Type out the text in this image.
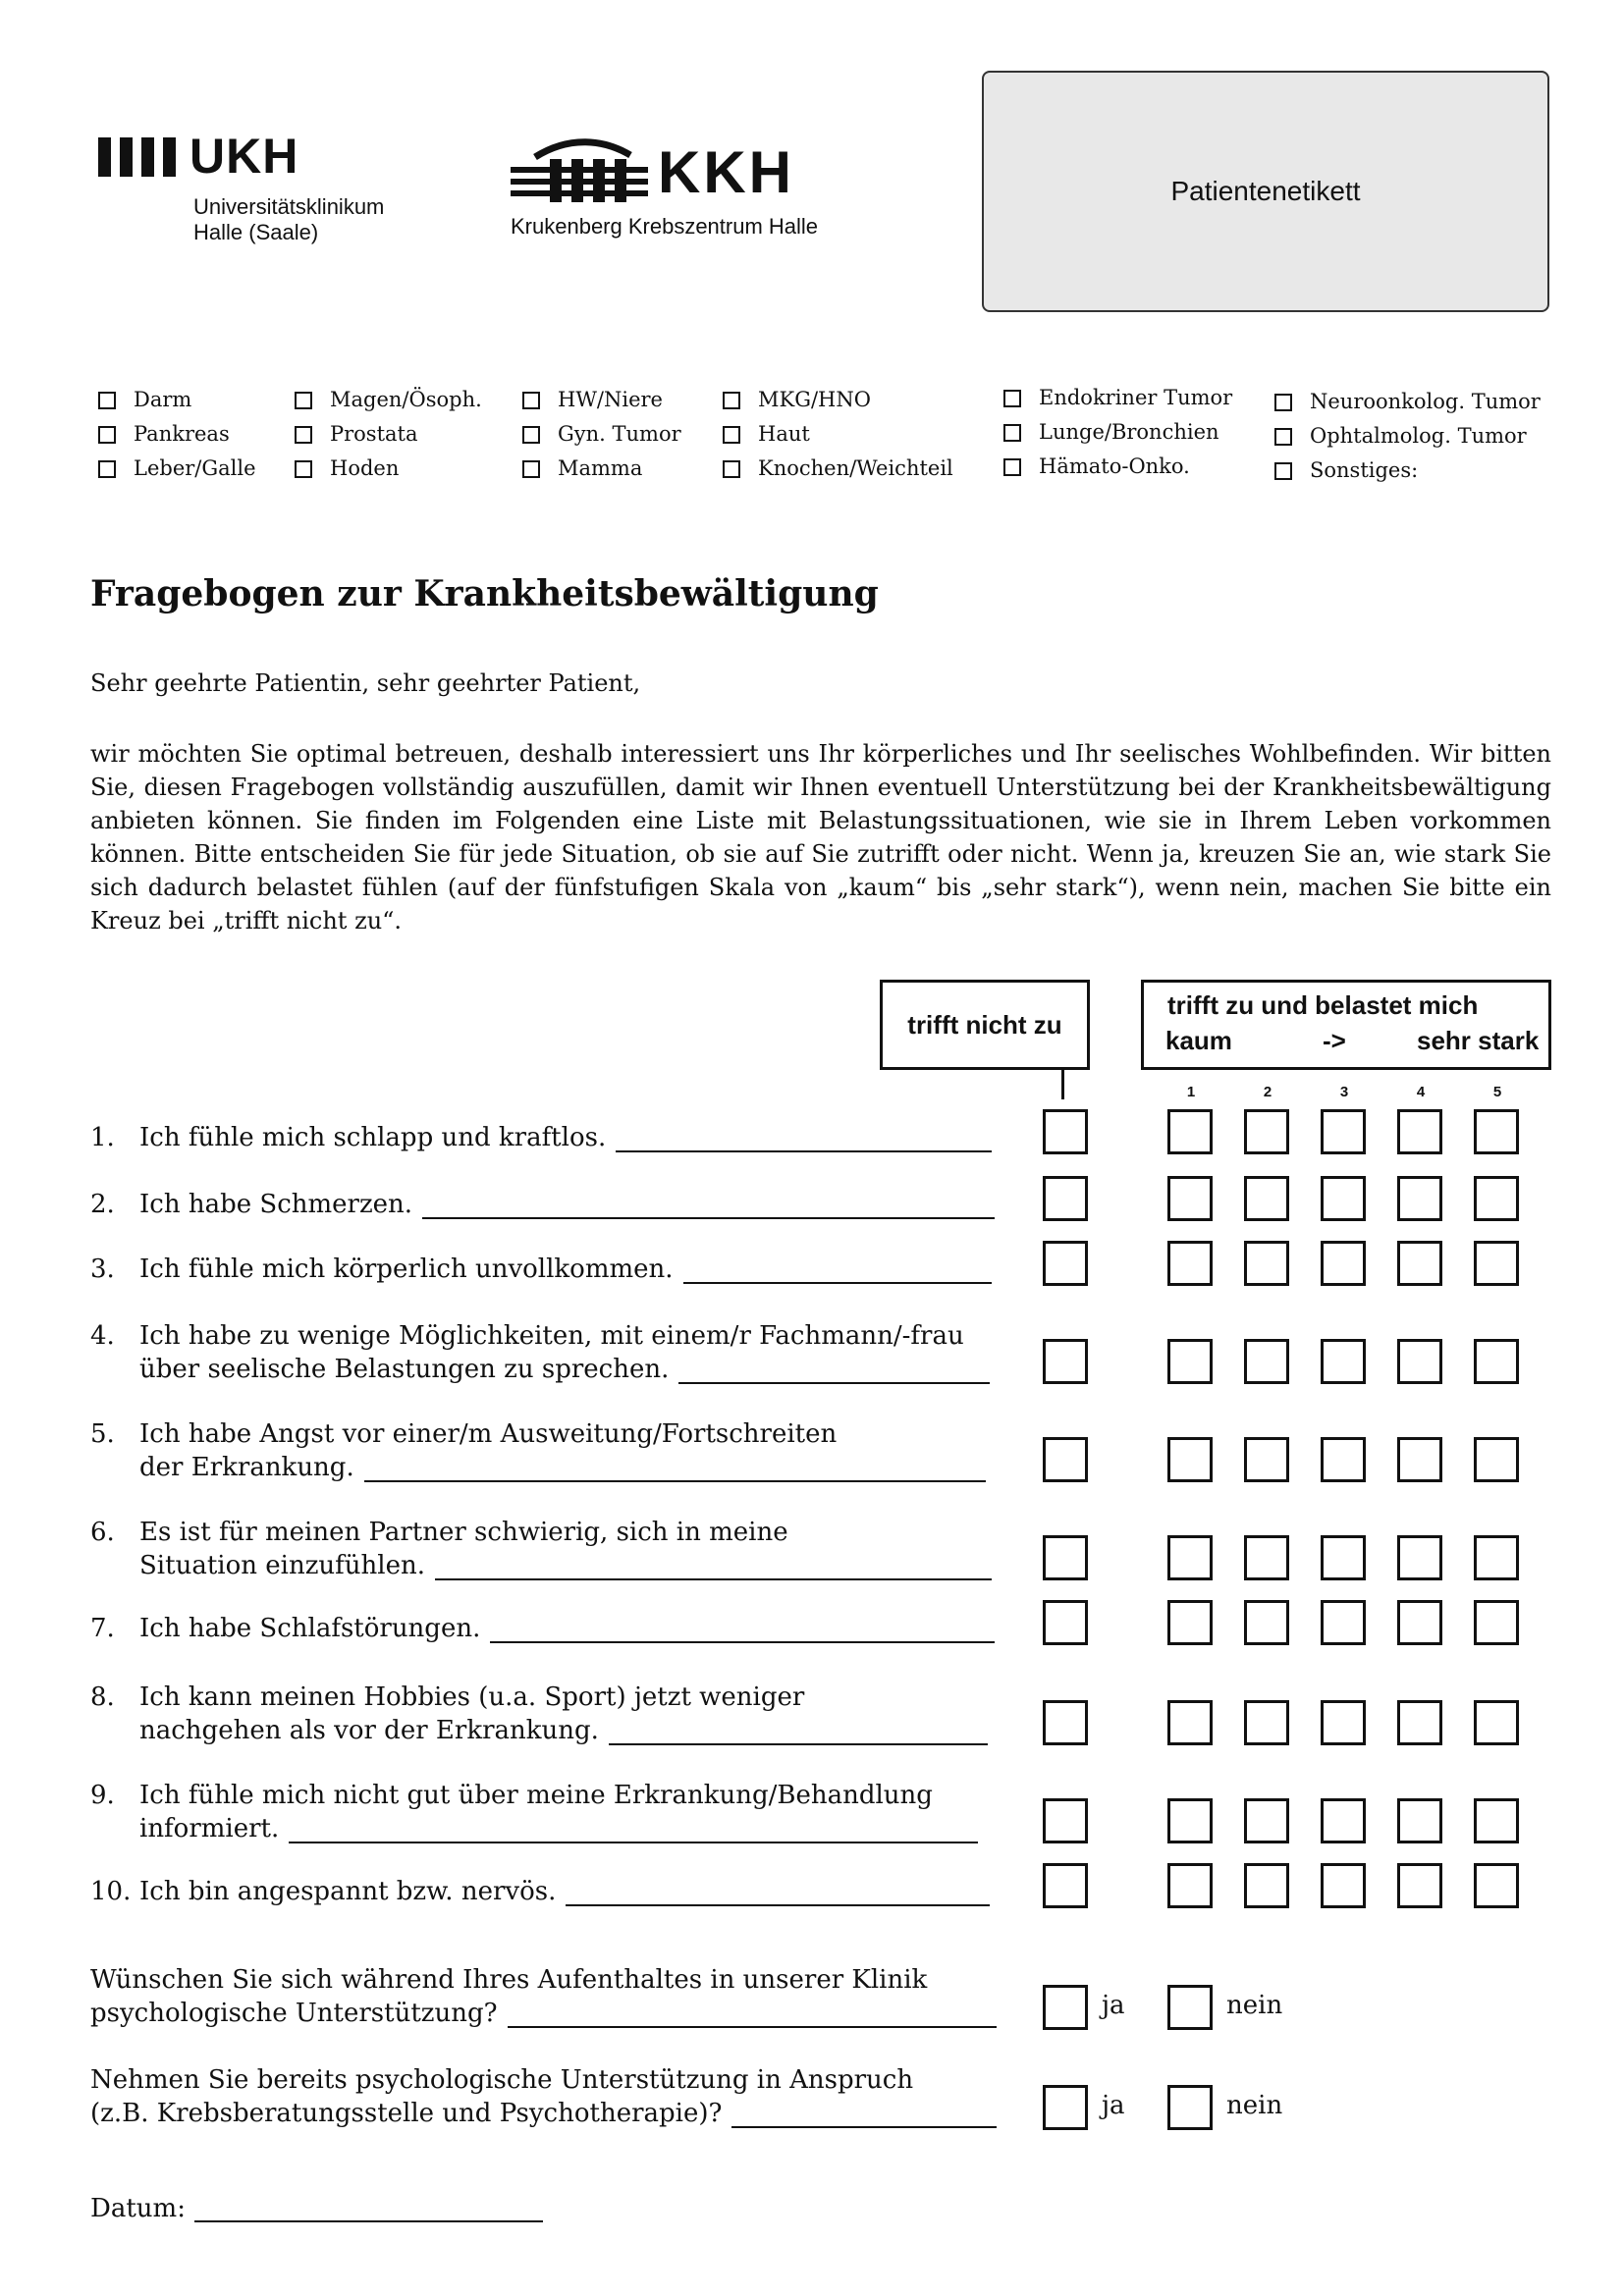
UKH
Universitätsklinikum
Halle (Saale)
KKH
Krukenberg Krebszentrum Halle
Patientenetikett
Darm
Pankreas
Leber/Galle
Magen/Ösoph.
Prostata
Hoden
HW/Niere
Gyn. Tumor
Mamma
MKG/HNO
Haut
Knochen/Weichteil
Endokriner Tumor
Lunge/Bronchien
Hämato-Onko.
Neuroonkolog. Tumor
Ophtalmolog. Tumor
Sonstiges:
Fragebogen zur Krankheitsbewältigung
Sehr geehrte Patientin, sehr geehrter Patient,
wir möchten Sie optimal betreuen, deshalb interessiert uns Ihr körperliches und Ihr seelisches Wohlbefinden. Wir bitten Sie, diesen Fragebogen vollständig auszufüllen, damit wir Ihnen eventuell Unterstützung bei der Krankheitsbewältigung anbieten können. Sie finden im Folgenden eine Liste mit Belastungssituationen, wie sie in Ihrem Leben vorkommen können. Bitte entscheiden Sie für jede Situation, ob sie auf Sie zutrifft oder nicht. Wenn ja, kreuzen Sie an, wie stark Sie sich dadurch belastet fühlen (auf der fünfstufigen Skala von „kaum“ bis „sehr stark“), wenn nein, machen Sie bitte ein Kreuz bei „trifft nicht zu“.
trifft nicht zu
trifft zu und belastet mich
kaum	->	sehr stark
1	2	3	4	5
1. Ich fühle mich schlapp und kraftlos.
2. Ich habe Schmerzen.
3. Ich fühle mich körperlich unvollkommen.
4. Ich habe zu wenige Möglichkeiten, mit einem/r Fachmann/-frau
über seelische Belastungen zu sprechen.
5. Ich habe Angst vor einer/m Ausweitung/Fortschreiten
der Erkrankung.
6. Es ist für meinen Partner schwierig, sich in meine
Situation einzufühlen.
7. Ich habe Schlafstörungen.
8. Ich kann meinen Hobbies (u.a. Sport) jetzt weniger
nachgehen als vor der Erkrankung.
9. Ich fühle mich nicht gut über meine Erkrankung/Behandlung
informiert.
10. Ich bin angespannt bzw. nervös.
Wünschen Sie sich während Ihres Aufenthaltes in unserer Klinik
psychologische Unterstützung?	ja	nein
Nehmen Sie bereits psychologische Unterstützung in Anspruch
(z.B. Krebsberatungsstelle und Psychotherapie)?	ja	nein
Datum:
